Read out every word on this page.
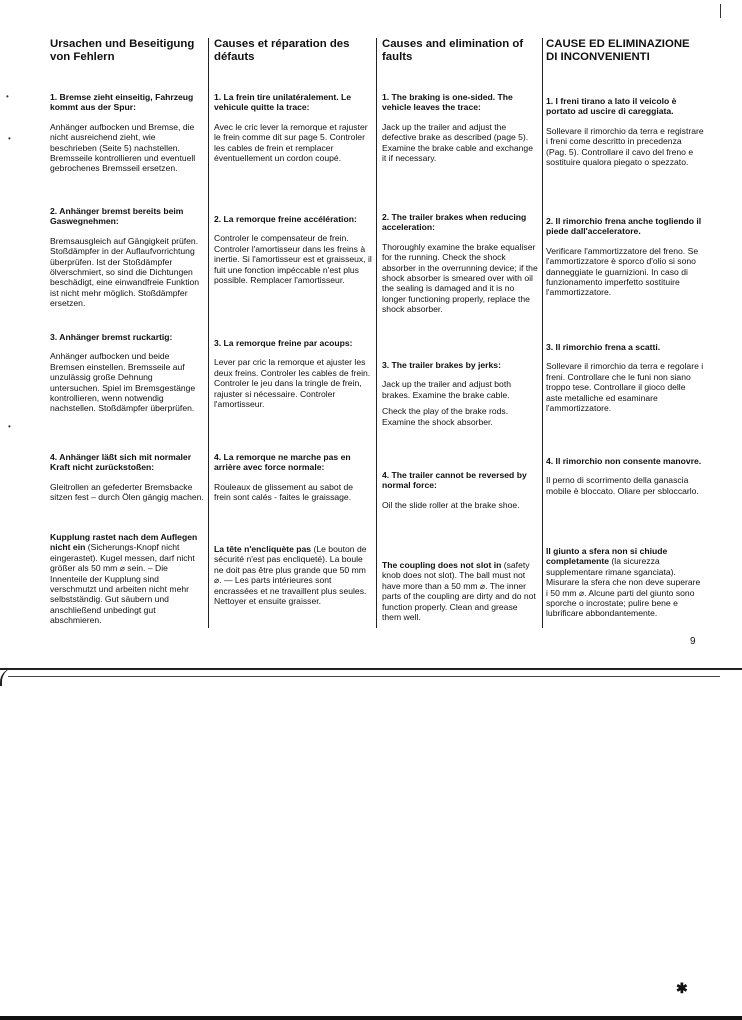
Ursachen und Beseitigung von Fehlern

1. Bremse zieht einseitig, Fahrzeug kommt aus der Spur:

Anhänger aufbocken und Bremse, die nicht ausreichend zieht, wie beschrieben (Seite 5) nachstellen. Bremsseile kontrollieren und eventuell gebrochenes Bremsseil ersetzen.

2. Anhänger bremst bereits beim Gaswegnehmen:

Bremsausgleich auf Gängigkeit prüfen. Stoßdämpfer in der Auflaufvorrichtung überprüfen. Ist der Stoßdämpfer ölverschmiert, so sind die Dichtungen beschädigt, eine einwandfreie Funktion ist nicht mehr möglich. Stoßdämpfer ersetzen.

3. Anhänger bremst ruckartig:

Anhänger aufbocken und beide Bremsen einstellen. Bremsseile auf unzulässig große Dehnung untersuchen. Spiel im Bremsgestänge kontrollieren, wenn notwendig nachstellen. Stoßdämpfer überprüfen.

4. Anhänger läßt sich mit normaler Kraft nicht zurückstoßen:

Gleitrollen an gefederter Bremsbacke sitzen fest – durch Ölen gängig machen.

Kupplung rastet nach dem Auflegen nicht ein (Sicherungs-Knopf nicht eingerastet). Kugel messen, darf nicht größer als 50 mm ⌀ sein. – Die Innenteile der Kupplung sind verschmutzt und arbeiten nicht mehr selbstständig. Gut säubern und anschließend unbedingt gut abschmieren.

Causes et réparation des défauts

1. La frein tire unilatéralement. Le vehicule quitte la trace:

Avec le cric lever la remorque et rajuster le frein comme dit sur page 5. Controler les cables de frein et remplacer éventuellement un cordon coupé.

2. La remorque freine accélération:

Controler le compensateur de frein. Controler l'amortisseur dans les freins à inertie. Si l'amortisseur est et graisseux, il fuit une fonction impéccable n'est plus possible. Remplacer l'amortisseur.

3. La remorque freine par acoups:

Lever par cric la remorque et ajuster les deux freins. Controler les cables de frein. Controler le jeu dans la tringle de frein, rajuster si nécessaire. Controler l'amortisseur.

4. La remorque ne marche pas en arrière avec force normale:

Rouleaux de glissement au sabot de frein sont calés - faites le graissage.

La tête n'encliquète pas (Le bouton de sécurité n'est pas encliqueté). La boule ne doit pas être plus grande que 50 mm ⌀. — Les parts intérieures sont encrassées et ne travaillent plus seules. Nettoyer et ensuite graisser.

Causes and elimination of faults

1. The braking is one-sided. The vehicle leaves the trace:

Jack up the trailer and adjust the defective brake as described (page 5). Examine the brake cable and exchange it if necessary.

2. The trailer brakes when reducing acceleration:

Thoroughly examine the brake equaliser for the running. Check the shock absorber in the overrunning device; if the shock absorber is smeared over with oil the sealing is damaged and it is no longer functioning properly, replace the shock absorber.

3. The trailer brakes by jerks:

Jack up the trailer and adjust both brakes. Examine the brake cable.

Check the play of the brake rods. Examine the shock absorber.

4. The trailer cannot be reversed by normal force:

Oil the slide roller at the brake shoe.

The coupling does not slot in (safety knob does not slot). The ball must not have more than a 50 mm ⌀. The inner parts of the coupling are dirty and do not function properly. Clean and grease them well.

CAUSE ED ELIMINAZIONE DI INCONVENIENTI

1. I freni tirano a lato il veicolo è portato ad uscire di careggiata.

Sollevare il rimorchio da terra e registrare i freni come descritto in precedenza (Pag. 5). Controllare il cavo del freno e sostituire qualora piegato o spezzato.

2. Il rimorchio frena anche togliendo il piede dall'acceleratore.

Verificare l'ammortizzatore del freno. Se l'ammortizzatore è sporco d'olio si sono danneggiate le guarnizioni. In caso di funzionamento imperfetto sostituire l'ammortizzatore.

3. Il rimorchio frena a scatti.

Sollevare il rimorchio da terra e regolare i freni. Controllare che le funi non siano troppo tese. Controllare il gioco delle aste metalliche ed esaminare l'ammortizzatore.

4. Il rimorchio non consente manovre.

Il perno di scorrimento della ganascia mobile è bloccato. Oliare per sbloccarlo.

Il giunto a sfera non si chiude completamente (la sicurezza supplementare rimane sganciata). Misurare la sfera che non deve superare i 50 mm ⌀. Alcune parti del giunto sono sporche o incrostate; pulire bene e lubrificare abbondantemente.

9
•
•
•
✱
